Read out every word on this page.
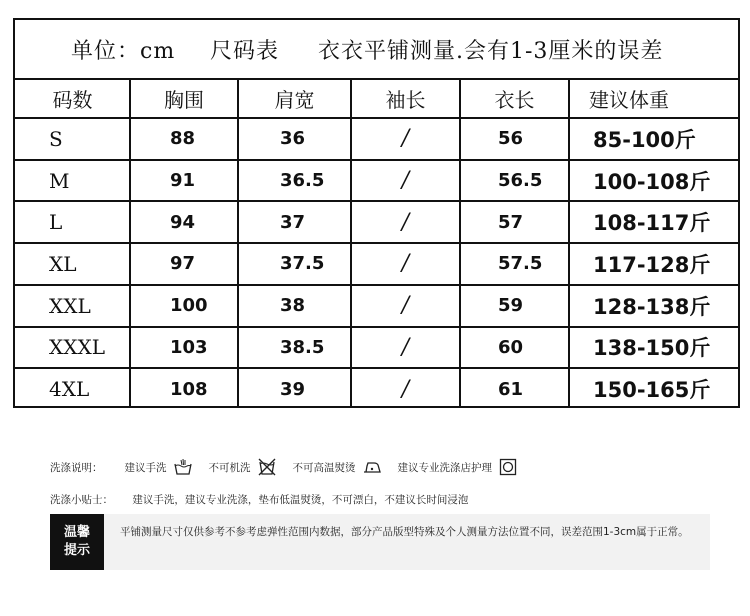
单位：cm 尺码表 衣衣平铺测量.会有1-3厘米的误差
码数	胸围	肩宽	袖长	衣长	建议体重
S	88	36	/	56	85-100斤
M	91	36.5	/	56.5	100-108斤
L	94	37	/	57	108-117斤
XL	97	37.5	/	57.5	117-128斤
XXL	100	38	/	59	128-138斤
XXXL	103	38.5	/	60	138-150斤
4XL	108	39	/	61	150-165斤
洗涤说明： 建议手洗	不可机洗	不可高温熨烫	建议专业洗涤店护理
洗涤小贴士： 建议手洗，建议专业洗涤，垫布低温熨烫，不可漂白，不建议长时间浸泡
温馨提示
平铺测量尺寸仅供参考不参考虑弹性范围内数据，部分产品版型特殊及个人测量方法位置不同，误差范围1-3cm属于正常。
